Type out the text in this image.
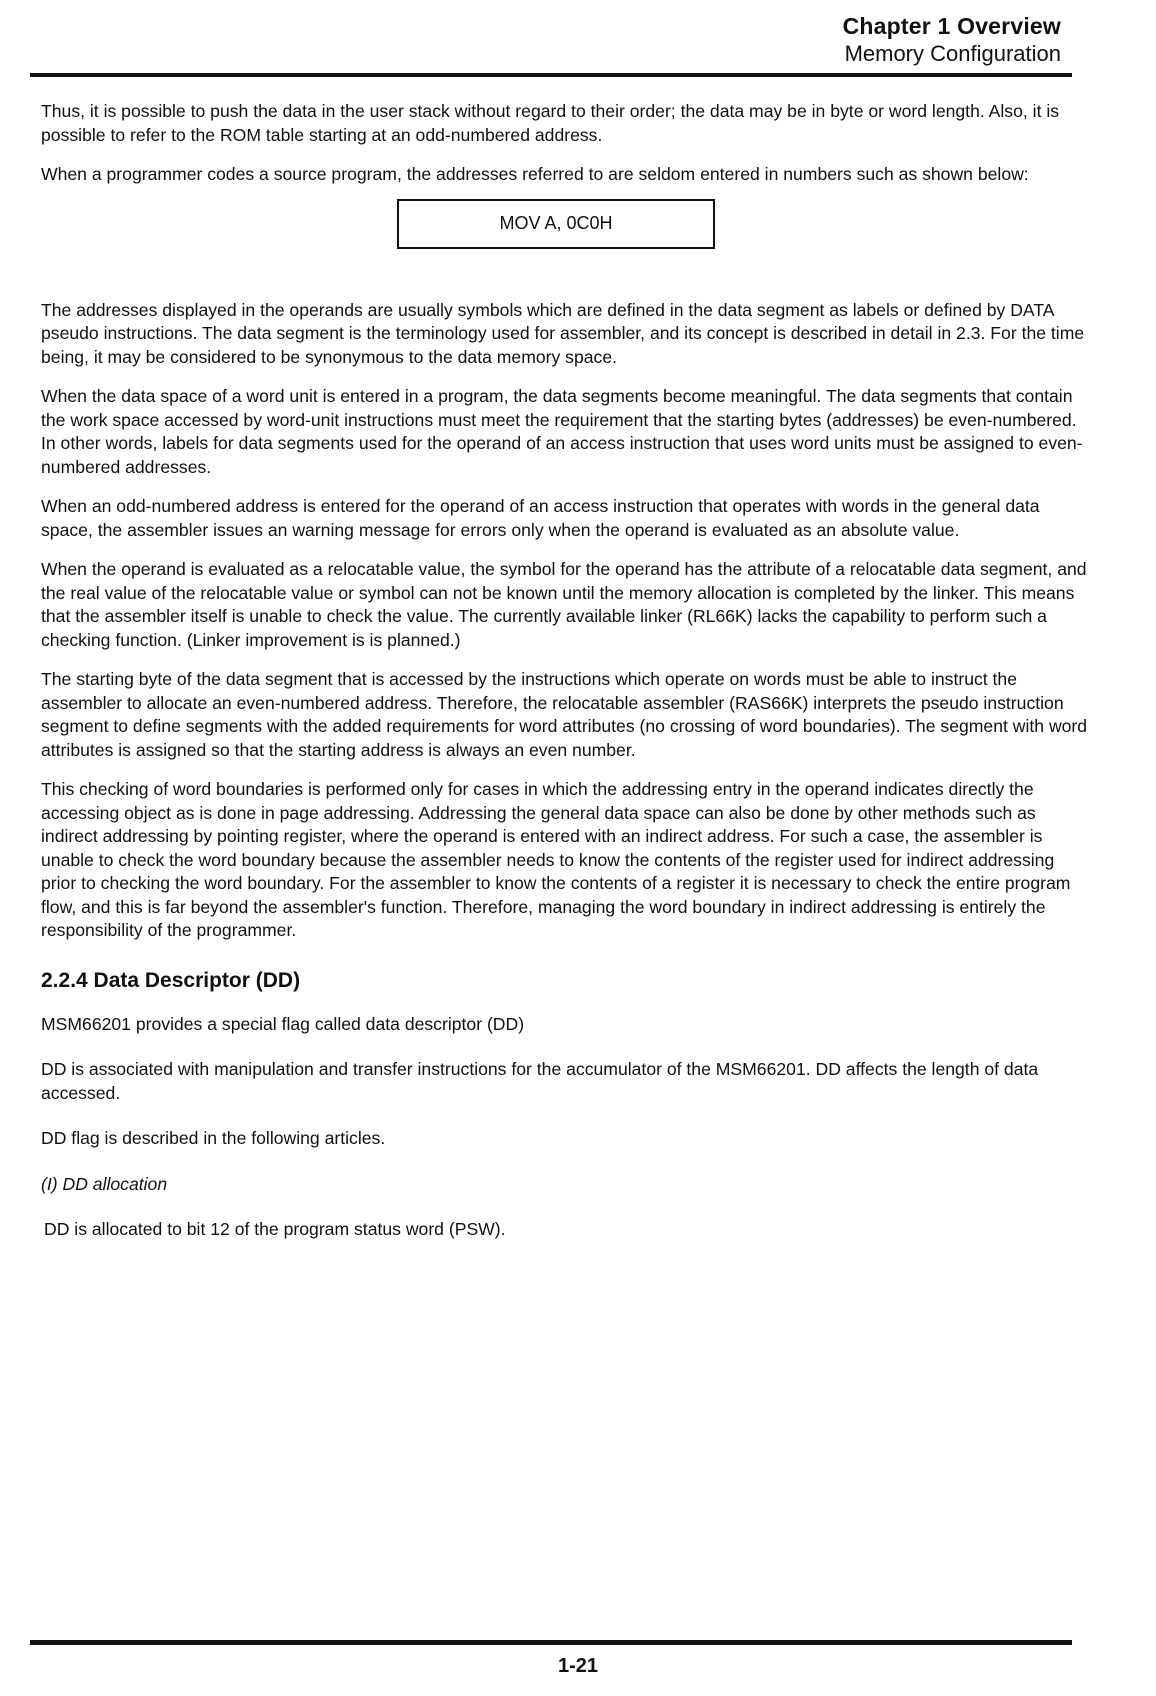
Chapter 1 Overview
Memory Configuration

Thus, it is possible to push the data in the user stack without regard to their order; the data may be in byte or word length. Also, it is possible to refer to the ROM table starting at an odd-numbered address.

When a programmer codes a source program, the addresses referred to are seldom entered in numbers such as shown below:

MOV A, 0C0H

The addresses displayed in the operands are usually symbols which are defined in the data segment as labels or defined by DATA pseudo instructions. The data segment is the terminology used for assembler, and its concept is described in detail in 2.3. For the time being, it may be considered to be synonymous to the data memory space.

When the data space of a word unit is entered in a program, the data segments become meaningful. The data segments that contain the work space accessed by word-unit instructions must meet the requirement that the starting bytes (addresses) be even-numbered. In other words, labels for data segments used for the operand of an access instruction that uses word units must be assigned to even-numbered addresses.

When an odd-numbered address is entered for the operand of an access instruction that operates with words in the general data space, the assembler issues an warning message for errors only when the operand is evaluated as an absolute value.

When the operand is evaluated as a relocatable value, the symbol for the operand has the attribute of a relocatable data segment, and the real value of the relocatable value or symbol can not be known until the memory allocation is completed by the linker. This means that the assembler itself is unable to check the value. The currently available linker (RL66K) lacks the capability to perform such a checking function. (Linker improvement is is planned.)

The starting byte of the data segment that is accessed by the instructions which operate on words must be able to instruct the assembler to allocate an even-numbered address. Therefore, the relocatable assembler (RAS66K) interprets the pseudo instruction segment to define segments with the added requirements for word attributes (no crossing of word boundaries). The segment with word attributes is assigned so that the starting address is always an even number.

This checking of word boundaries is performed only for cases in which the addressing entry in the operand indicates directly the accessing object as is done in page addressing. Addressing the general data space can also be done by other methods such as indirect addressing by pointing register, where the operand is entered with an indirect address. For such a case, the assembler is unable to check the word boundary because the assembler needs to know the contents of the register used for indirect addressing prior to checking the word boundary. For the assembler to know the contents of a register it is necessary to check the entire program flow, and this is far beyond the assembler's function. Therefore, managing the word boundary in indirect addressing is entirely the responsibility of the programmer.

2.2.4 Data Descriptor (DD)

MSM66201 provides a special flag called data descriptor (DD)

DD is associated with manipulation and transfer instructions for the accumulator of the MSM66201. DD affects the length of data accessed.

DD flag is described in the following articles.

(I) DD allocation

DD is allocated to bit 12 of the program status word (PSW).

1-21
